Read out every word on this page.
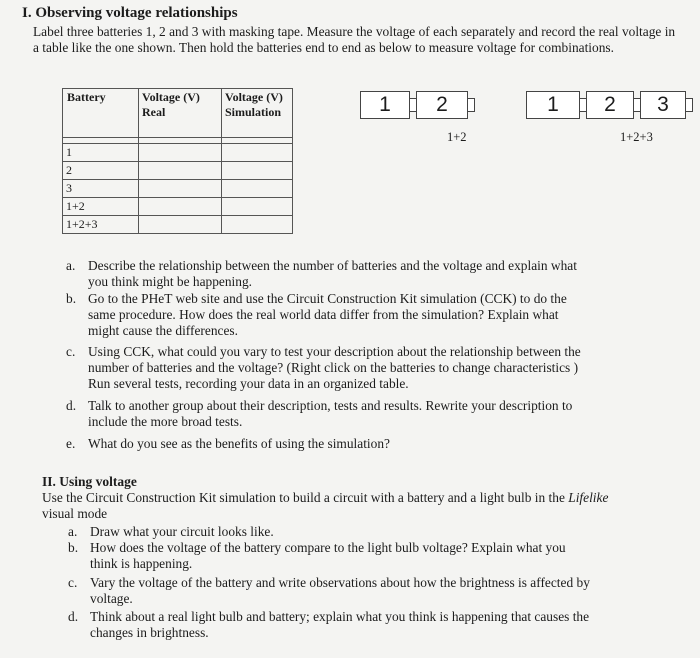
I. Observing voltage relationships
Label three batteries 1, 2 and 3 with masking tape. Measure the voltage of each separately and record the real voltage in a table like the one shown. Then hold the batteries end to end as below to measure voltage for combinations.
Battery	Voltage (V) Real	Voltage (V) Simulation

1		
2		
3		
1+2		
1+2+3		
1	2
1+2
1	2	3
1+2+3
a. Describe the relationship between the number of batteries and the voltage and explain what
you think might be happening.
b. Go to the PHeT web site and use the Circuit Construction Kit simulation (CCK) to do the
same procedure. How does the real world data differ from the simulation? Explain what
might cause the differences.
c. Using CCK, what could you vary to test your description about the relationship between the
number of batteries and the voltage? (Right click on the batteries to change characteristics )
Run several tests, recording your data in an organized table.
d. Talk to another group about their description, tests and results. Rewrite your description to
include the more broad tests.
e. What do you see as the benefits of using the simulation?
II. Using voltage
Use the Circuit Construction Kit simulation to build a circuit with a battery and a light bulb in the Lifelike
visual mode
a. Draw what your circuit looks like.
b. How does the voltage of the battery compare to the light bulb voltage? Explain what you
think is happening.
c. Vary the voltage of the battery and write observations about how the brightness is affected by
voltage.
d. Think about a real light bulb and battery; explain what you think is happening that causes the
changes in brightness.
